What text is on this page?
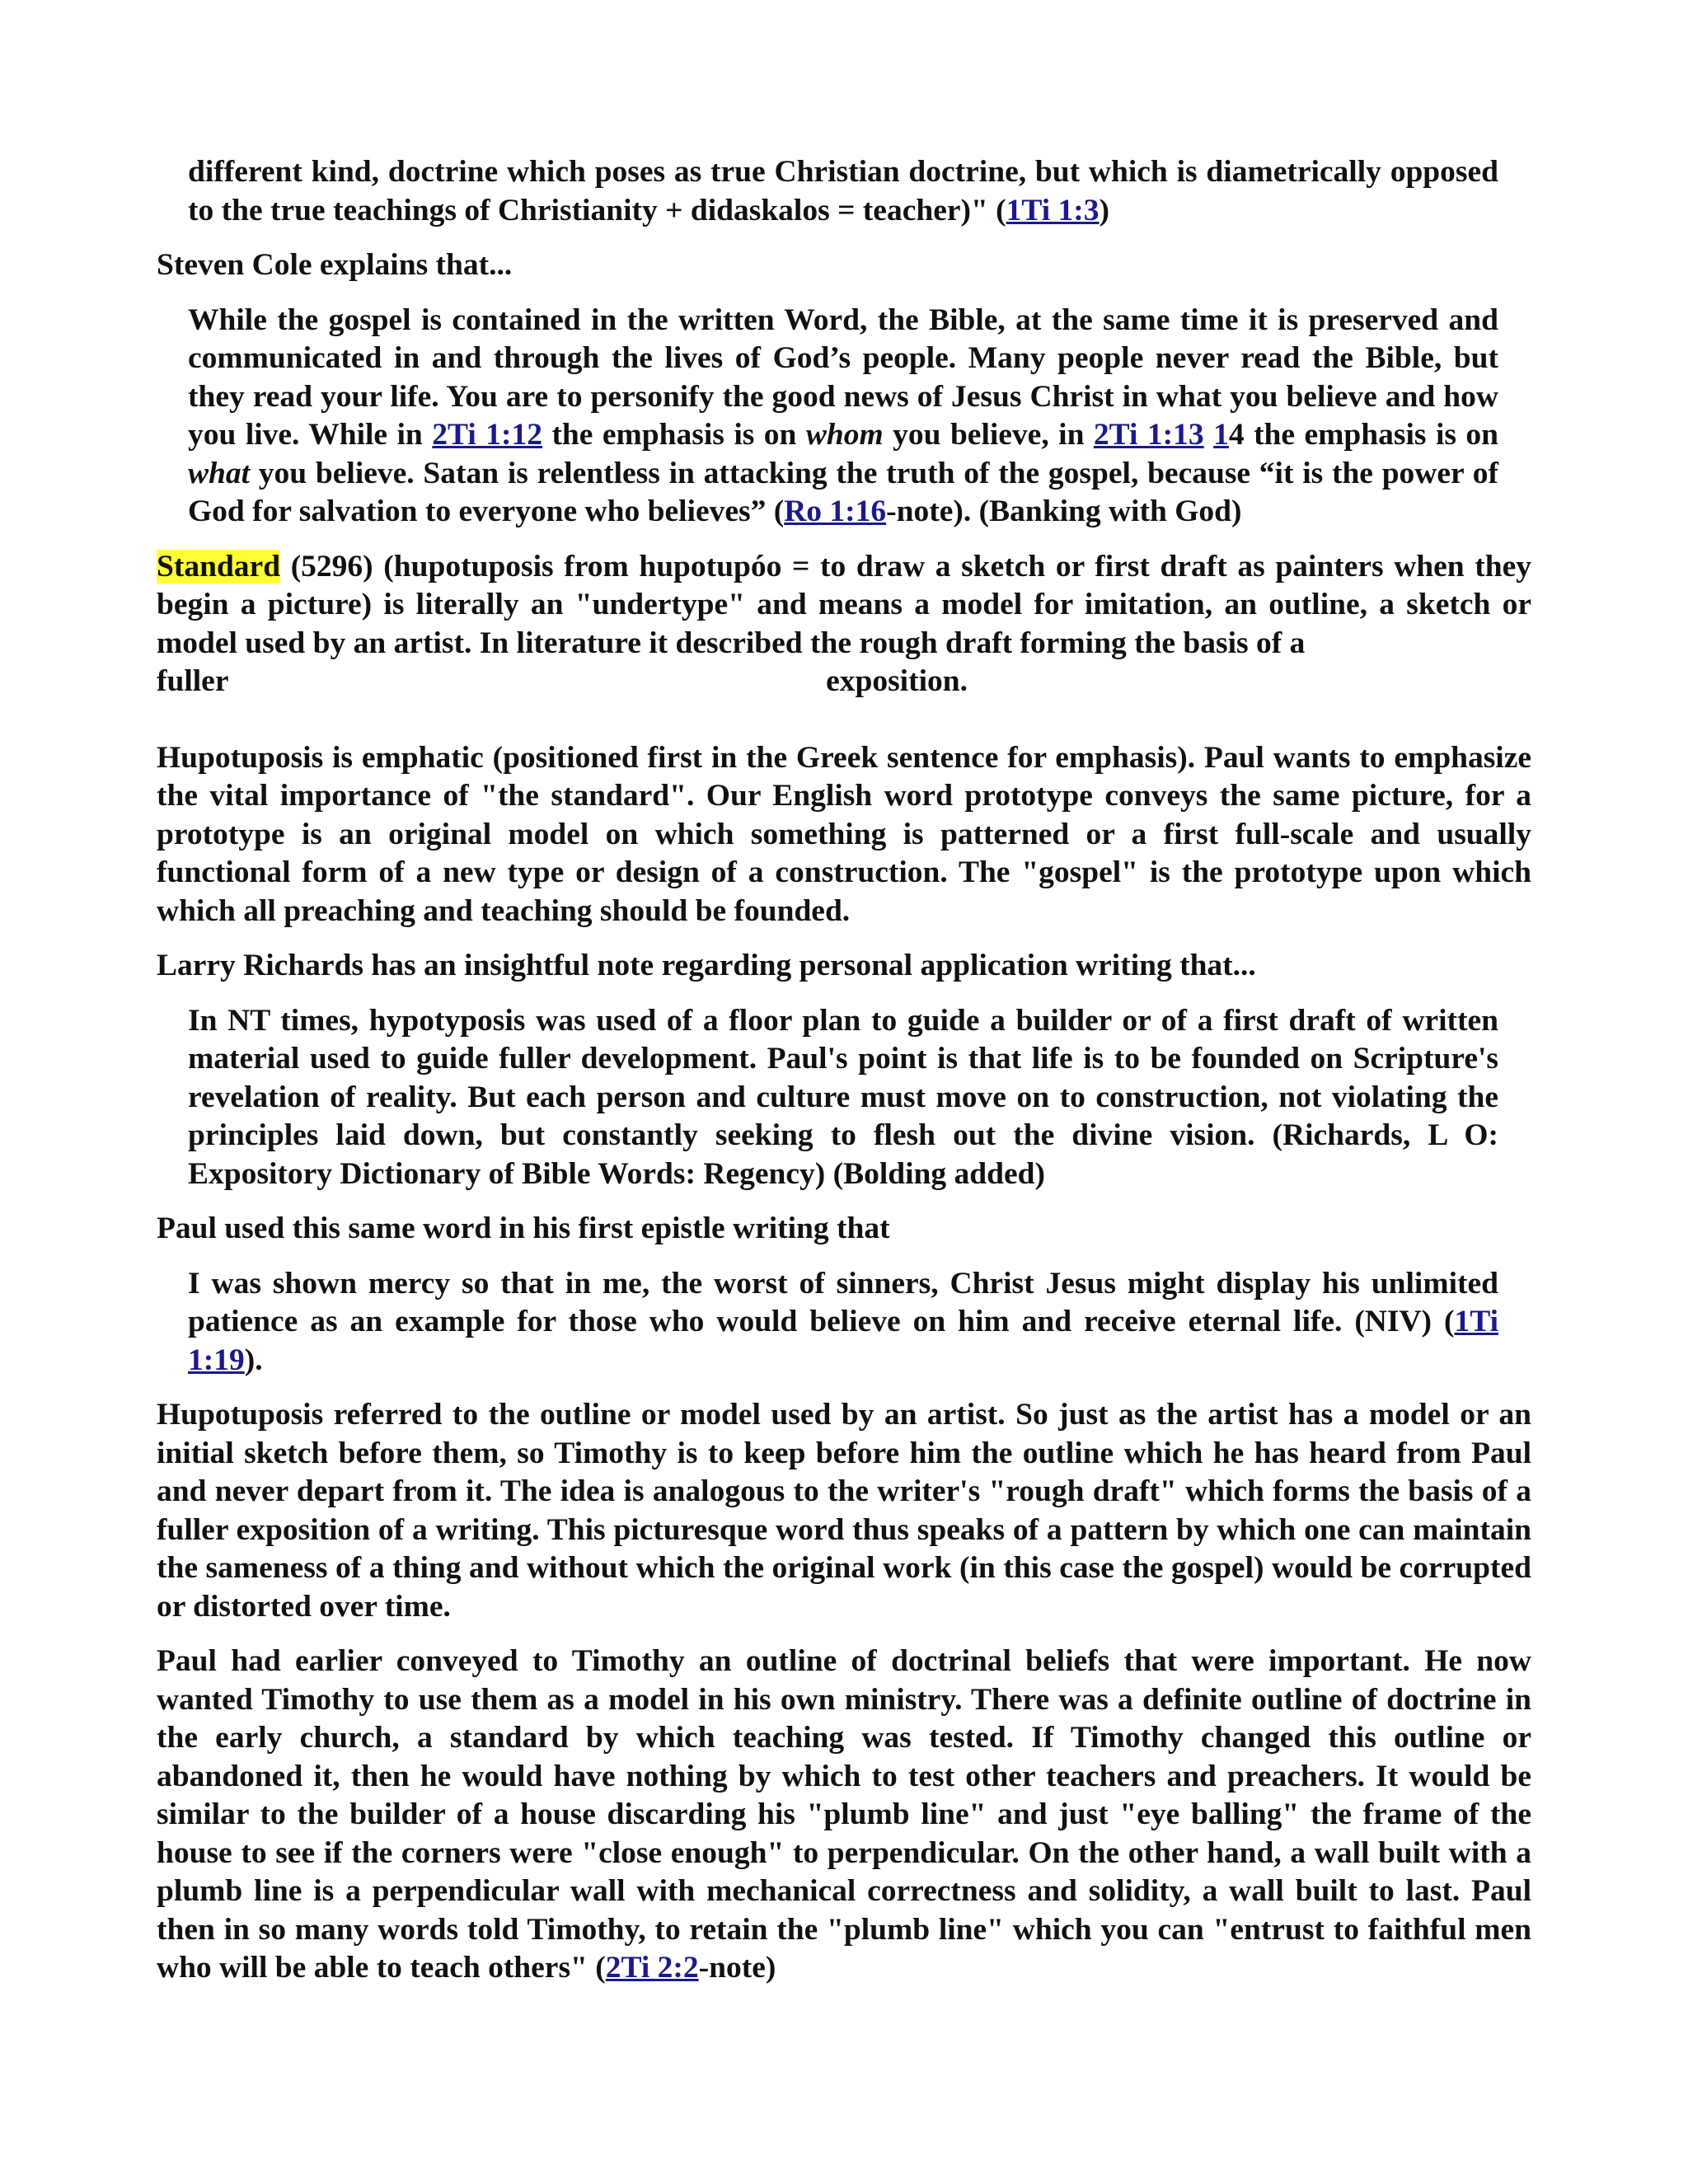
different kind, doctrine which poses as true Christian doctrine, but which is diametrically opposed to the true teachings of Christianity + didaskalos = teacher)" (1Ti 1:3)

Steven Cole explains that...

While the gospel is contained in the written Word, the Bible, at the same time it is preserved and communicated in and through the lives of God’s people. Many people never read the Bible, but they read your life. You are to personify the good news of Jesus Christ in what you believe and how you live. While in 2Ti 1:12 the emphasis is on whom you believe, in 2Ti 1:13 14 the emphasis is on what you believe. Satan is relentless in attacking the truth of the gospel, because “it is the power of God for salvation to everyone who believes” (Ro 1:16-note). (Banking with God)

Standard (5296) (hupotuposis from hupotupóo = to draw a sketch or first draft as painters when they begin a picture) is literally an "undertype" and means a model for imitation, an outline, a sketch or model used by an artist. In literature it described the rough draft forming the basis of a

fuller	exposition.

Hupotuposis is emphatic (positioned first in the Greek sentence for emphasis). Paul wants to emphasize the vital importance of "the standard". Our English word prototype conveys the same picture, for a prototype is an original model on which something is patterned or a first full-scale and usually functional form of a new type or design of a construction. The "gospel" is the prototype upon which which all preaching and teaching should be founded.

Larry Richards has an insightful note regarding personal application writing that...

In NT times, hypotyposis was used of a floor plan to guide a builder or of a first draft of written material used to guide fuller development. Paul's point is that life is to be founded on Scripture's revelation of reality. But each person and culture must move on to construction, not violating the principles laid down, but constantly seeking to flesh out the divine vision. (Richards, L O: Expository Dictionary of Bible Words: Regency) (Bolding added)

Paul used this same word in his first epistle writing that

I was shown mercy so that in me, the worst of sinners, Christ Jesus might display his unlimited patience as an example for those who would believe on him and receive eternal life. (NIV) (1Ti 1:19).

Hupotuposis referred to the outline or model used by an artist. So just as the artist has a model or an initial sketch before them, so Timothy is to keep before him the outline which he has heard from Paul and never depart from it. The idea is analogous to the writer's "rough draft" which forms the basis of a fuller exposition of a writing. This picturesque word thus speaks of a pattern by which one can maintain the sameness of a thing and without which the original work (in this case the gospel) would be corrupted or distorted over time.

Paul had earlier conveyed to Timothy an outline of doctrinal beliefs that were important. He now wanted Timothy to use them as a model in his own ministry. There was a definite outline of doctrine in the early church, a standard by which teaching was tested. If Timothy changed this outline or abandoned it, then he would have nothing by which to test other teachers and preachers. It would be similar to the builder of a house discarding his "plumb line" and just "eye balling" the frame of the house to see if the corners were "close enough" to perpendicular. On the other hand, a wall built with a plumb line is a perpendicular wall with mechanical correctness and solidity, a wall built to last. Paul then in so many words told Timothy, to retain the "plumb line" which you can "entrust to faithful men who will be able to teach others" (2Ti 2:2-note)
